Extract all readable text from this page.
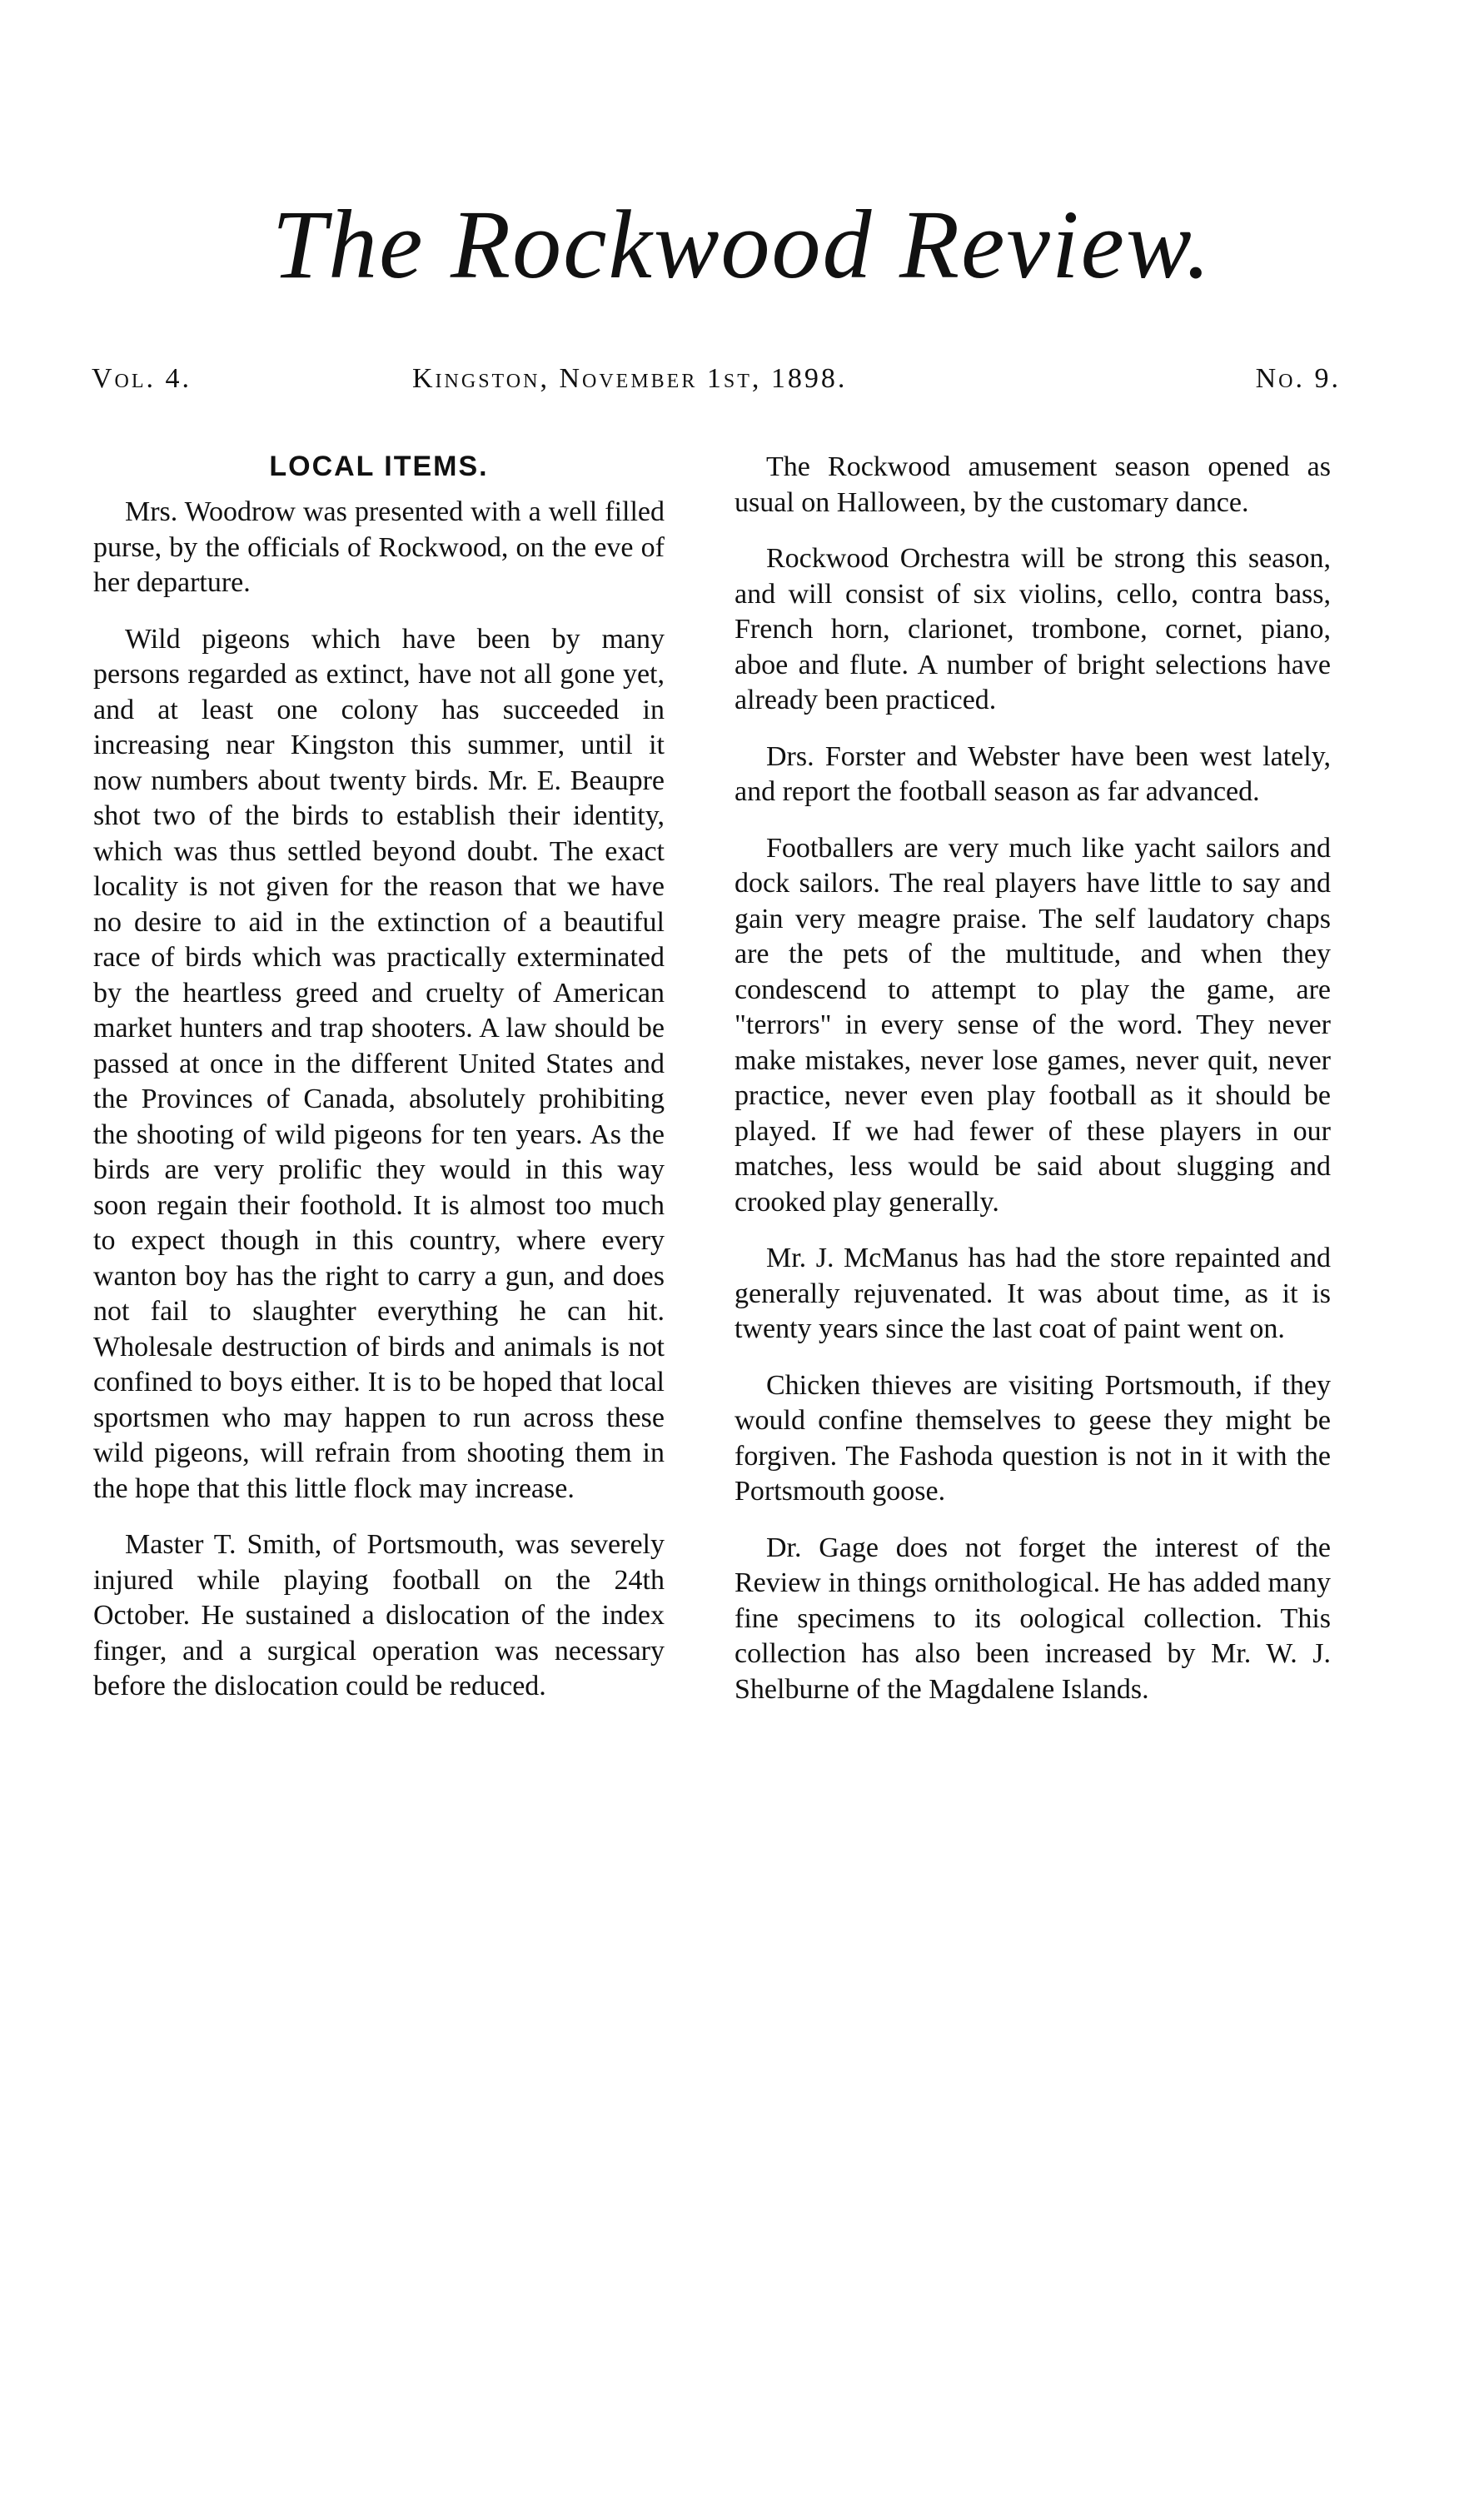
The Rockwood Review.
Vol. 4.	Kingston, November 1st, 1898.	No. 9.
LOCAL ITEMS.

Mrs. Woodrow was presented with a well filled purse, by the officials of Rockwood, on the eve of her departure.

Wild pigeons which have been by many persons regarded as extinct, have not all gone yet, and at least one colony has succeeded in increasing near Kingston this summer, until it now numbers about twenty birds. Mr. E. Beaupre shot two of the birds to establish their identity, which was thus settled beyond doubt. The exact locality is not given for the reason that we have no desire to aid in the extinction of a beautiful race of birds which was practically exterminated by the heartless greed and cruelty of American market hunters and trap shooters. A law should be passed at once in the different United States and the Provinces of Canada, absolutely prohibiting the shooting of wild pigeons for ten years. As the birds are very prolific they would in this way soon regain their foothold. It is almost too much to expect though in this country, where every wanton boy has the right to carry a gun, and does not fail to slaughter everything he can hit. Wholesale destruction of birds and animals is not confined to boys either. It is to be hoped that local sportsmen who may happen to run across these wild pigeons, will refrain from shooting them in the hope that this little flock may increase.

Master T. Smith, of Portsmouth, was severely injured while playing football on the 24th October. He sustained a dislocation of the index finger, and a surgical operation was necessary before the dislocation could be reduced.

The Rockwood amusement season opened as usual on Halloween, by the customary dance.

Rockwood Orchestra will be strong this season, and will consist of six violins, cello, contra bass, French horn, clarionet, trombone, cornet, piano, aboe and flute. A number of bright selections have already been practiced.

Drs. Forster and Webster have been west lately, and report the football season as far advanced.

Footballers are very much like yacht sailors and dock sailors. The real players have little to say and gain very meagre praise. The self laudatory chaps are the pets of the multitude, and when they condescend to attempt to play the game, are "terrors" in every sense of the word. They never make mistakes, never lose games, never quit, never practice, never even play football as it should be played. If we had fewer of these players in our matches, less would be said about slugging and crooked play generally.

Mr. J. McManus has had the store repainted and generally rejuvenated. It was about time, as it is twenty years since the last coat of paint went on.

Chicken thieves are visiting Portsmouth, if they would confine themselves to geese they might be forgiven. The Fashoda question is not in it with the Portsmouth goose.

Dr. Gage does not forget the interest of the Review in things ornithological. He has added many fine specimens to its oological collection. This collection has also been increased by Mr. W. J. Shelburne of the Magdalene Islands.
